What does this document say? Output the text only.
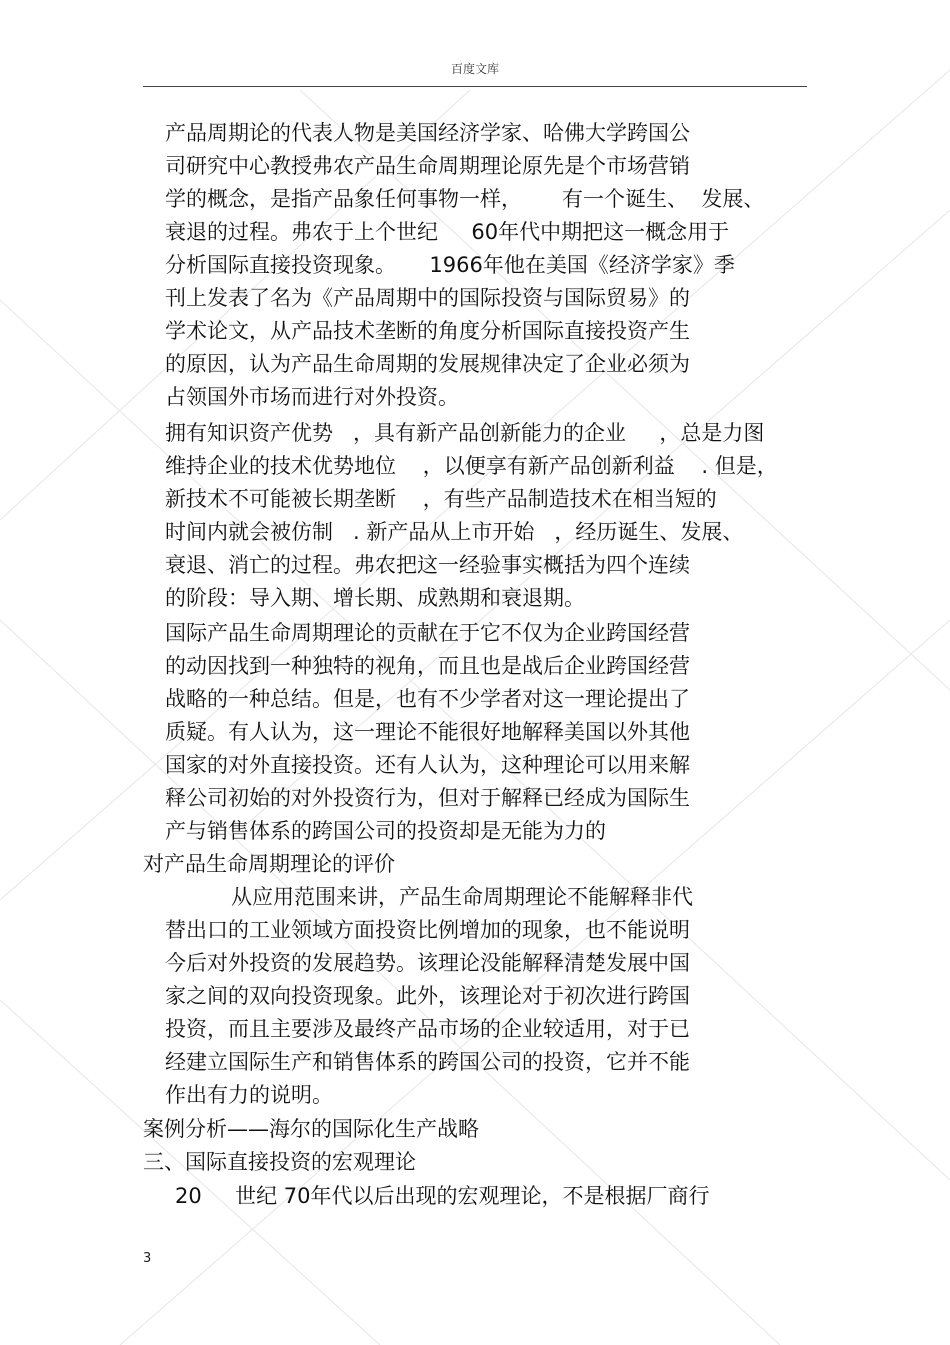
百度文库
产品周期论的代表人物是美国经济学家、哈佛大学跨国公
司研究中心教授弗农产品生命周期理论原先是个市场营销
学的概念，是指产品象任何事物一样，      有一个诞生、  发展、
衰退的过程。弗农于上个世纪     60年代中期把这一概念用于
分析国际直接投资现象。     1966年他在美国《经济学家》季
刊上发表了名为《产品周期中的国际投资与国际贸易》的
学术论文，从产品技术垄断的角度分析国际直接投资产生
的原因，认为产品生命周期的发展规律决定了企业必须为
占领国外市场而进行对外投资。
拥有知识资产优势   ，具有新产品创新能力的企业     ，总是力图
维持企业的技术优势地位    ，以便享有新产品创新利益    . 但是，
新技术不可能被长期垄断    ，有些产品制造技术在相当短的
时间内就会被仿制   . 新产品从上市开始   ，经历诞生、发展、
衰退、消亡的过程。弗农把这一经验事实概括为四个连续
的阶段：导入期、增长期、成熟期和衰退期。
国际产品生命周期理论的贡献在于它不仅为企业跨国经营
的动因找到一种独特的视角，而且也是战后企业跨国经营
战略的一种总结。但是，也有不少学者对这一理论提出了
质疑。有人认为，这一理论不能很好地解释美国以外其他
国家的对外直接投资。还有人认为，这种理论可以用来解
释公司初始的对外投资行为，但对于解释已经成为国际生
产与销售体系的跨国公司的投资却是无能为力的
对产品生命周期理论的评价
从应用范围来讲，产品生命周期理论不能解释非代
替出口的工业领域方面投资比例增加的现象，也不能说明
今后对外投资的发展趋势。该理论没能解释清楚发展中国
家之间的双向投资现象。此外，该理论对于初次进行跨国
投资，而且主要涉及最终产品市场的企业较适用，对于已
经建立国际生产和销售体系的跨国公司的投资，它并不能
作出有力的说明。
案例分析——海尔的国际化生产战略
三、国际直接投资的宏观理论
20     世纪 70年代以后出现的宏观理论，不是根据厂商行
3
